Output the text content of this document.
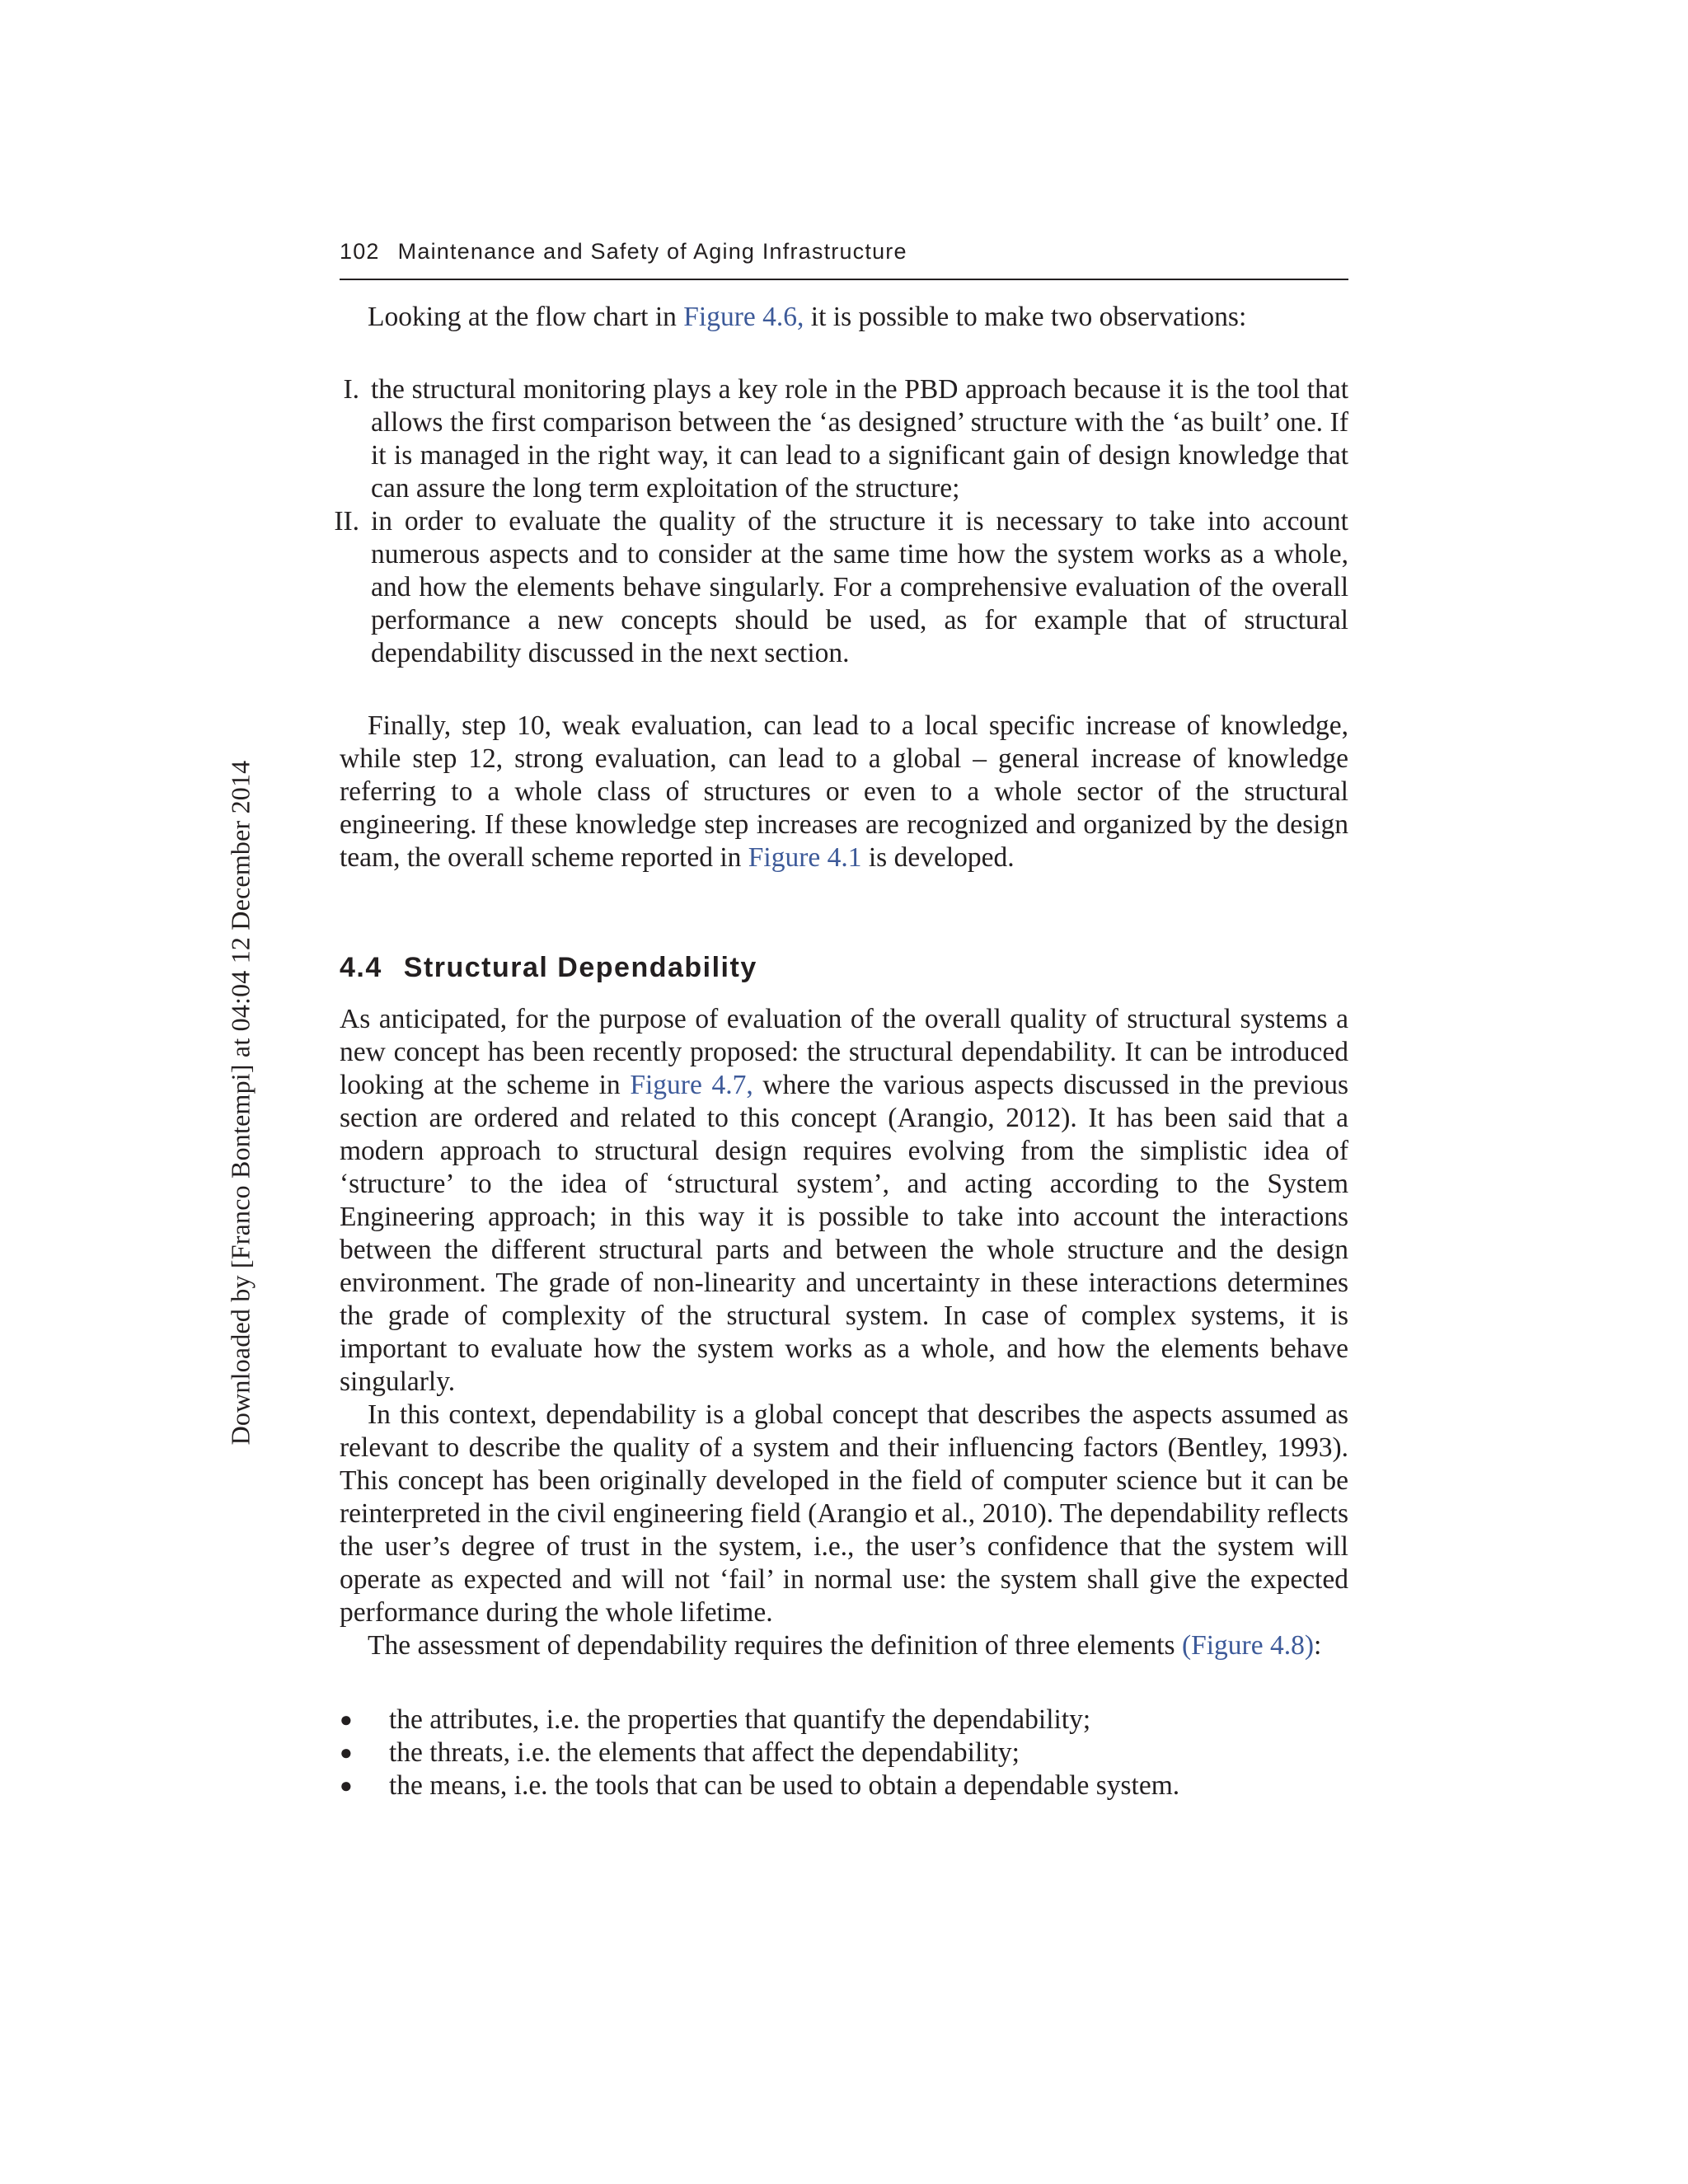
Downloaded by [Franco Bontempi] at 04:04 12 December 2014
102 Maintenance and Safety of Aging Infrastructure

Looking at the flow chart in Figure 4.6, it is possible to make two observations:

I. the structural monitoring plays a key role in the PBD approach because it is the tool that allows the first comparison between the ‘as designed’ structure with the ‘as built’ one. If it is managed in the right way, it can lead to a significant gain of design knowledge that can assure the long term exploitation of the structure;
II. in order to evaluate the quality of the structure it is necessary to take into account numerous aspects and to consider at the same time how the system works as a whole, and how the elements behave singularly. For a comprehensive evaluation of the overall performance a new concepts should be used, as for example that of structural dependability discussed in the next section.

Finally, step 10, weak evaluation, can lead to a local specific increase of knowledge, while step 12, strong evaluation, can lead to a global – general increase of knowledge referring to a whole class of structures or even to a whole sector of the structural engineering. If these knowledge step increases are recognized and organized by the design team, the overall scheme reported in Figure 4.1 is developed.

4.4 Structural Dependability

As anticipated, for the purpose of evaluation of the overall quality of structural systems a new concept has been recently proposed: the structural dependability. It can be introduced looking at the scheme in Figure 4.7, where the various aspects discussed in the previous section are ordered and related to this concept (Arangio, 2012). It has been said that a modern approach to structural design requires evolving from the simplistic idea of ‘structure’ to the idea of ‘structural system’, and acting according to the System Engineering approach; in this way it is possible to take into account the interactions between the different structural parts and between the whole structure and the design environment. The grade of non-linearity and uncertainty in these interactions determines the grade of complexity of the structural system. In case of complex systems, it is important to evaluate how the system works as a whole, and how the elements behave singularly.

In this context, dependability is a global concept that describes the aspects assumed as relevant to describe the quality of a system and their influencing factors (Bentley, 1993). This concept has been originally developed in the field of computer science but it can be reinterpreted in the civil engineering field (Arangio et al., 2010). The dependability reflects the user’s degree of trust in the system, i.e., the user’s confidence that the system will operate as expected and will not ‘fail’ in normal use: the system shall give the expected performance during the whole lifetime.

The assessment of dependability requires the definition of three elements (Figure 4.8):

●	the attributes, i.e. the properties that quantify the dependability;
●	the threats, i.e. the elements that affect the dependability;
●	the means, i.e. the tools that can be used to obtain a dependable system.
